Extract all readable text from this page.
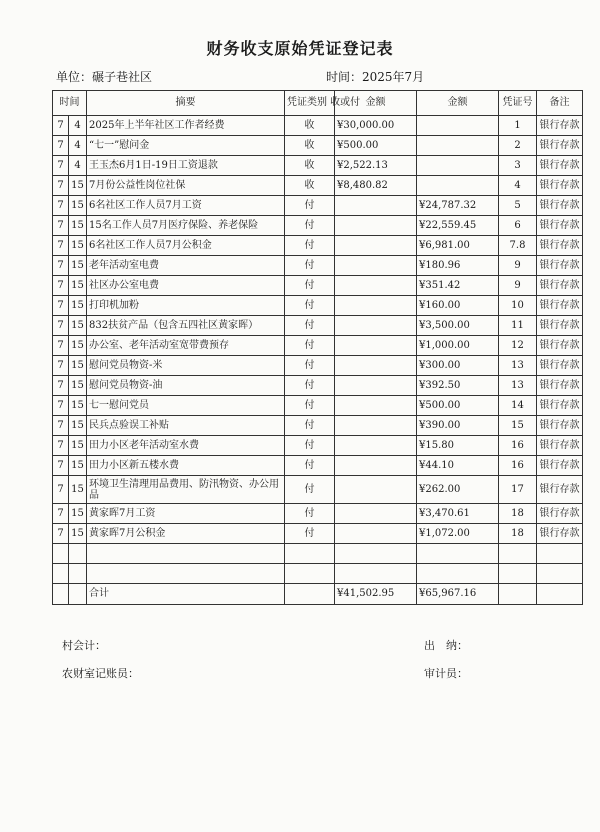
财务收支原始凭证登记表
单位：碾子巷社区	时间：2025年7月
时间		摘要	凭证类别 收或付	金额	金额	凭证号	备注
7	4	2025年上半年社区工作者经费	收	¥30,000.00		1	银行存款
7	4	“七一”慰问金	收	¥500.00		2	银行存款
7	4	王玉杰6月1日-19日工资退款	收	¥2,522.13		3	银行存款
7	15	7月份公益性岗位社保	收	¥8,480.82		4	银行存款
7	15	6名社区工作人员7月工资	付		¥24,787.32	5	银行存款
7	15	15名工作人员7月医疗保险、养老保险	付		¥22,559.45	6	银行存款
7	15	6名社区工作人员7月公积金	付		¥6,981.00	7.8	银行存款
7	15	老年活动室电费	付		¥180.96	9	银行存款
7	15	社区办公室电费	付		¥351.42	9	银行存款
7	15	打印机加粉	付		¥160.00	10	银行存款
7	15	832扶贫产品（包含五四社区黄家晖）	付		¥3,500.00	11	银行存款
7	15	办公室、老年活动室宽带费预存	付		¥1,000.00	12	银行存款
7	15	慰问党员物资-米	付		¥300.00	13	银行存款
7	15	慰问党员物资-油	付		¥392.50	13	银行存款
7	15	七一慰问党员	付		¥500.00	14	银行存款
7	15	民兵点验误工补贴	付		¥390.00	15	银行存款
7	15	田力小区老年活动室水费	付		¥15.80	16	银行存款
7	15	田力小区新五楼水费	付		¥44.10	16	银行存款
7	15	环境卫生清理用品费用、防汛物资、办公用品	付		¥262.00	17	银行存款
7	15	黄家晖7月工资	付		¥3,470.61	18	银行存款
7	15	黄家晖7月公积金	付		¥1,072.00	18	银行存款

		合计		¥41,502.95	¥65,967.16		
村会计：	出　纳：
农财室记账员：	审计员：
